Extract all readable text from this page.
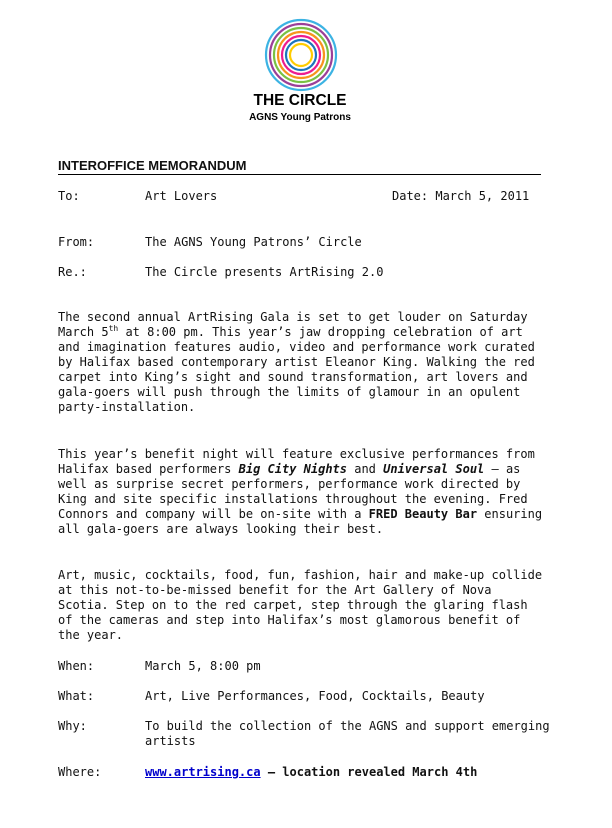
THE CIRCLE
AGNS Young Patrons
INTEROFFICE MEMORANDUM
To:	Art Lovers	Date: March 5, 2011
From:	The AGNS Young Patrons’ Circle
Re.:	The Circle presents ArtRising 2.0

The second annual ArtRising Gala is set to get louder on Saturday March 5th at 8:00 pm. This year’s jaw dropping celebration of art and imagination features audio, video and performance work curated by Halifax based contemporary artist Eleanor King. Walking the red carpet into King’s sight and sound transformation, art lovers and gala-goers will push through the limits of glamour in an opulent party-installation.

This year’s benefit night will feature exclusive performances from Halifax based performers Big City Nights and Universal Soul – as well as surprise secret performers, performance work directed by King and site specific installations throughout the evening. Fred Connors and company will be on-site with a FRED Beauty Bar ensuring all gala-goers are always looking their best.

Art, music, cocktails, food, fun, fashion, hair and make-up collide at this not-to-be-missed benefit for the Art Gallery of Nova Scotia. Step on to the red carpet, step through the glaring flash of the cameras and step into Halifax’s most glamorous benefit of the year.

When:	March 5, 8:00 pm
What:	Art, Live Performances, Food, Cocktails, Beauty
Why:	To build the collection of the AGNS and support emerging artists
Where:	www.artrising.ca – location revealed March 4th
